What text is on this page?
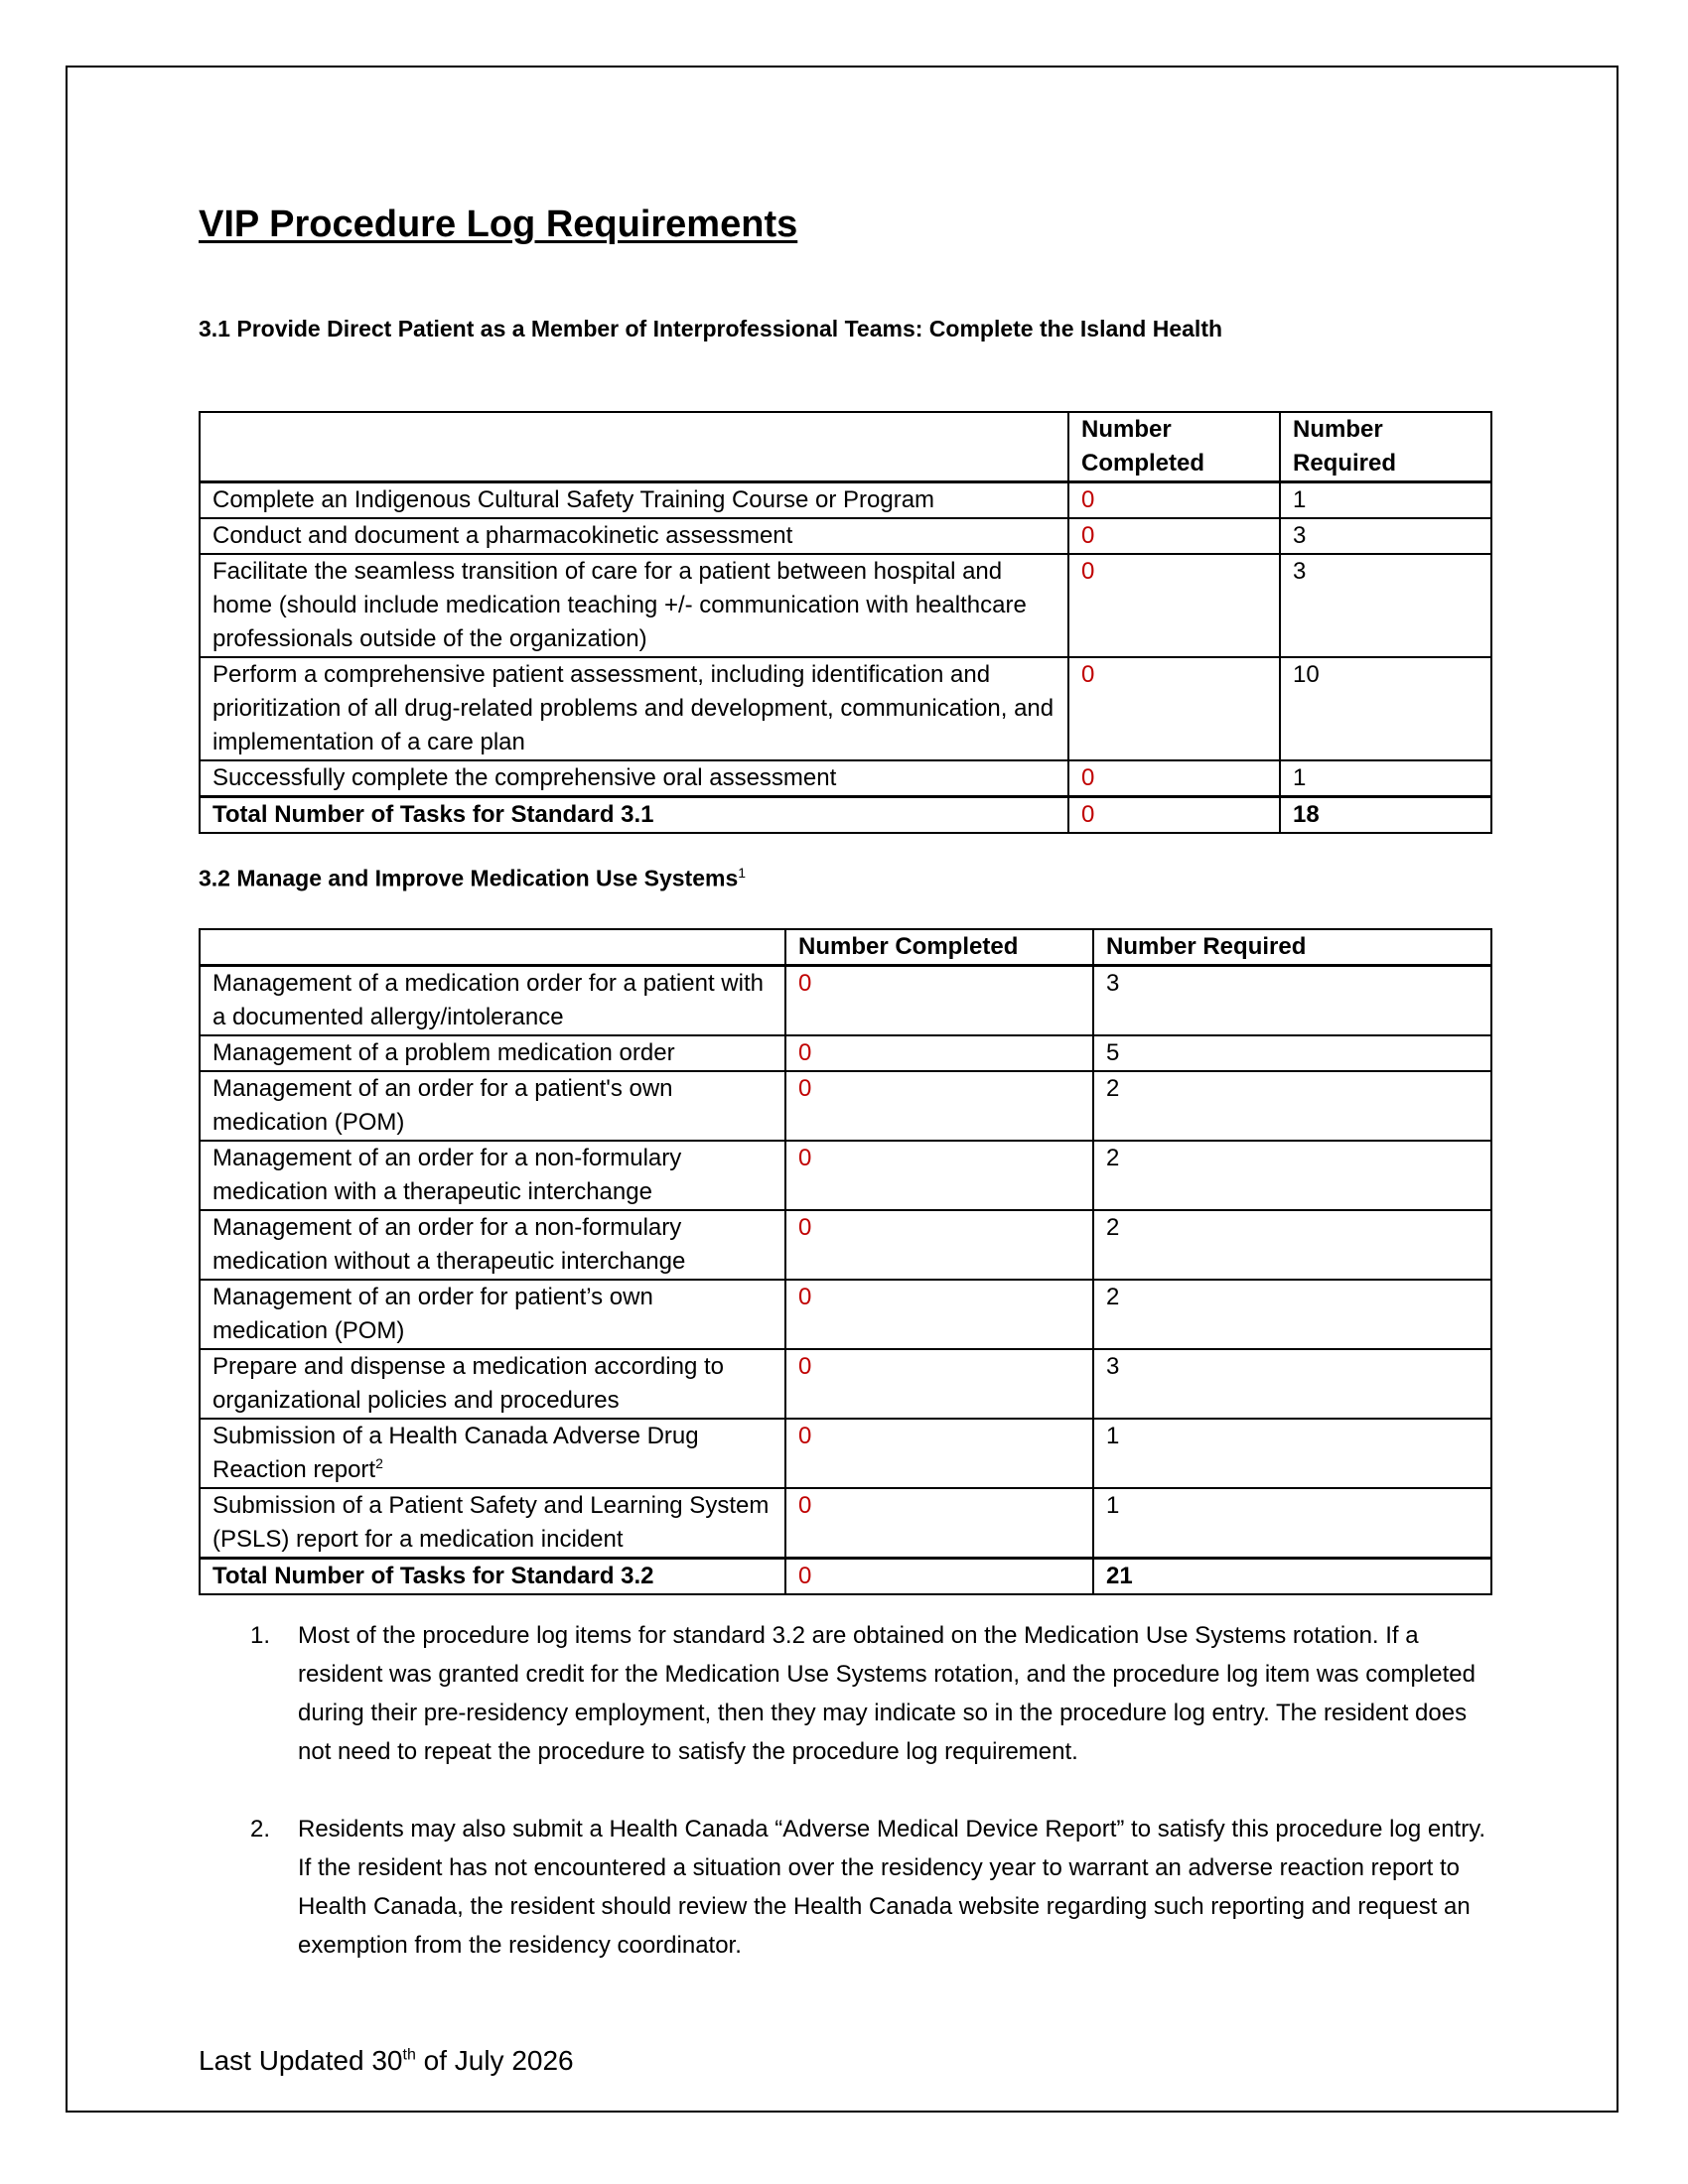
VIP Procedure Log Requirements
3.1 Provide Direct Patient as a Member of Interprofessional Teams: Complete the Island Health
	Number Completed	Number Required
Complete an Indigenous Cultural Safety Training Course or Program	0	1
Conduct and document a pharmacokinetic assessment	0	3
Facilitate the seamless transition of care for a patient between hospital and home (should include medication teaching +/- communication with healthcare professionals outside of the organization)	0	3
Perform a comprehensive patient assessment, including identification and prioritization of all drug-related problems and development, communication, and implementation of a care plan	0	10
Successfully complete the comprehensive oral assessment	0	1
Total Number of Tasks for Standard 3.1	0	18
3.2 Manage and Improve Medication Use Systems$^1$
	Number Completed	Number Required
Management of a medication order for a patient with a documented allergy/intolerance	0	3
Management of a problem medication order	0	5
Management of an order for a patient's own medication (POM)	0	2
Management of an order for a non-formulary medication with a therapeutic interchange	0	2
Management of an order for a non-formulary medication without a therapeutic interchange	0	2
Management of an order for patient’s own medication (POM)	0	2
Prepare and dispense a medication according to organizational policies and procedures	0	3
Submission of a Health Canada Adverse Drug Reaction report$^2$	0	1
Submission of a Patient Safety and Learning System (PSLS) report for a medication incident	0	1
Total Number of Tasks for Standard 3.2	0	21
1. Most of the procedure log items for standard 3.2 are obtained on the Medication Use Systems rotation. If a resident was granted credit for the Medication Use Systems rotation, and the procedure log item was completed during their pre-residency employment, then they may indicate so in the procedure log entry. The resident does not need to repeat the procedure to satisfy the procedure log requirement.
2. Residents may also submit a Health Canada “Adverse Medical Device Report” to satisfy this procedure log entry. If the resident has not encountered a situation over the residency year to warrant an adverse reaction report to Health Canada, the resident should review the Health Canada website regarding such reporting and request an exemption from the residency coordinator.
Last Updated 30th of July 2026
